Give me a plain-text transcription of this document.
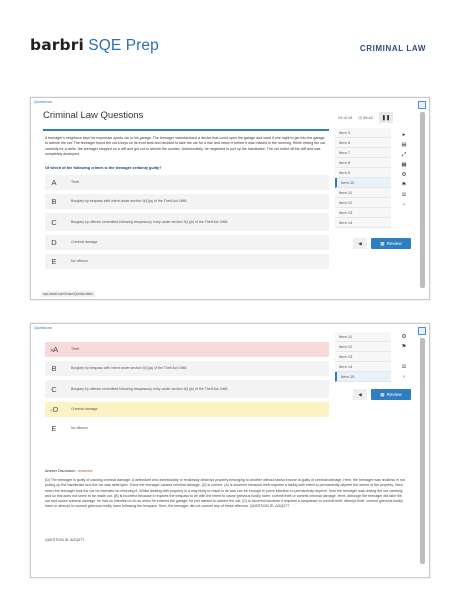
barbri SQE Prep	CRIMINAL LAW
Questions
Criminal Law Questions	10 of 15 ◷ 05:42	❚❚
A teenager's neighbour kept his expensive sports car in his garage. The teenager manufactured a device that could open the garage and used it one night to get into the garage to admire the car. The teenager found the car's keys on its front seat and decided to take the car for a ride and return it before it was missed in the morning. While driving the car carefully for a while, the teenager stopped on a cliff and got out to admire the sunrise. Unfortunately, he neglected to pull up the handbrake. The car rolled off the cliff and was completely destroyed.
Of which of the following crimes is the teenager certainly guilty?
A	Theft
B	Burglary by trespass with intent under section 9(1)(a) of the Theft Act 1968.
C	Burglary by offence committed following trespassory entry under section 9(1)(b) of the Theft Act 1968.
D	Criminal damage
E	No offence.
Item 3
Item 5
Item 7
Item 8
Item 9
Item 10
Item 11
Item 12
Item 13
Item 14
▸
▤
⤢
▦
⚙
⚑
⚖
‹
◀	▦ Review
sqe.barbri.com/Exam/QuestionItem
Questions
✕A	Theft
B	Burglary by trespass with intent under section 9(1)(a) of the Theft Act 1968.
C	Burglary by offence committed following trespassory entry under section 9(1)(b) of the Theft Act 1968.
✓D	Criminal damage
E	No offence.
Item 11
Item 12
Item 13
Item 14
Item 15
⚙
⚑
⚖
‹
◀	▦ Review
Answer Discussion : Incorrect

(D) The teenager is guilty of causing criminal damage. A defendant who intentionally or recklessly destroys property belonging to another without lawful excuse is guilty of criminal damage. Here, the teenager was reckless in not pulling up the handbrake and the car was destroyed. Since the teenager caused criminal damage, (D) is correct. (A) is incorrect because theft requires a taking with intent to permanently deprive the owner of the property. Here, when the teenager took the car he intended on returning it. Whilst dealing with property in a way likely to result in its loss can be enough to prove intention to permanently deprive, here the teenager was driving the car carefully and so this does not seem to be made out. (B) is incorrect because it requires the trespass to be with the intent to cause grievous bodily harm, commit theft or commit criminal damage. Here, although the teenager did take the car and cause criminal damage, he had no intention to do so when he entered the garage; he just wanted to admire the car. (C) is incorrect because it requires a trespasser to commit theft, attempt theft, commit grievous bodily harm or attempt to commit grievous bodily harm following the trespass. Here, the teenager did not commit any of these offences. QUESTION ID: AGQ077

QUESTION ID: AGQ077
